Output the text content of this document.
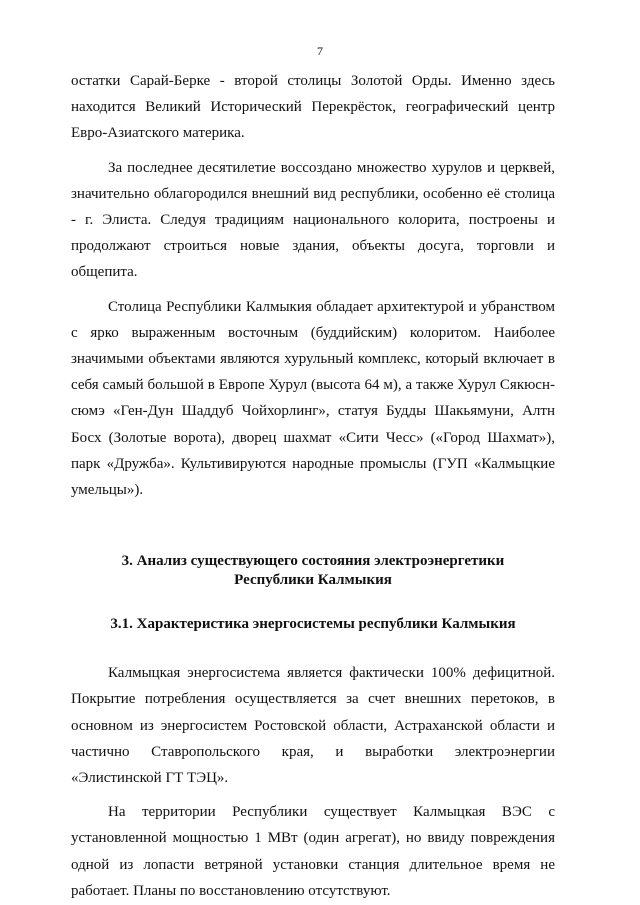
7

остатки Сарай-Берке - второй столицы Золотой Орды. Именно здесь находится Великий Исторический Перекрёсток, географический центр Евро-Азиатского материка.

За последнее десятилетие воссоздано множество хурулов и церквей, значительно облагородился внешний вид республики, особенно её столица - г. Элиста. Следуя традициям национального колорита, построены и продолжают строиться новые здания, объекты досуга, торговли и общепита.

Столица Республики Калмыкия обладает архитектурой и убранством с ярко выраженным восточным (буддийским) колоритом. Наиболее значимыми объектами являются хурульный комплекс, который включает в себя самый большой в Европе Хурул (высота 64 м), а также Хурул Сякюсн-сюмэ «Ген-Дун Шаддуб Чойхорлинг», статуя Будды Шакьямуни, Алтн Босх (Золотые ворота), дворец шахмат «Сити Чесс» («Город Шахмат»), парк «Дружба». Культивируются народные промыслы (ГУП «Калмыцкие умельцы»).

3. Анализ существующего состояния электроэнергетики
Республики Калмыкия
3.1. Характеристика энергосистемы республики Калмыкия

Калмыцкая энергосистема является фактически 100% дефицитной. Покрытие потребления осуществляется за счет внешних перетоков, в основном из энергосистем Ростовской области, Астраханской области и частично Ставропольского края, и выработки электроэнергии «Элистинской ГТ ТЭЦ».

На территории Республики существует Калмыцкая ВЭС с установленной мощностью 1 МВт (один агрегат), но ввиду повреждения одной из лопасти ветряной установки станция длительное время не работает. Планы по восстановлению отсутствуют.
